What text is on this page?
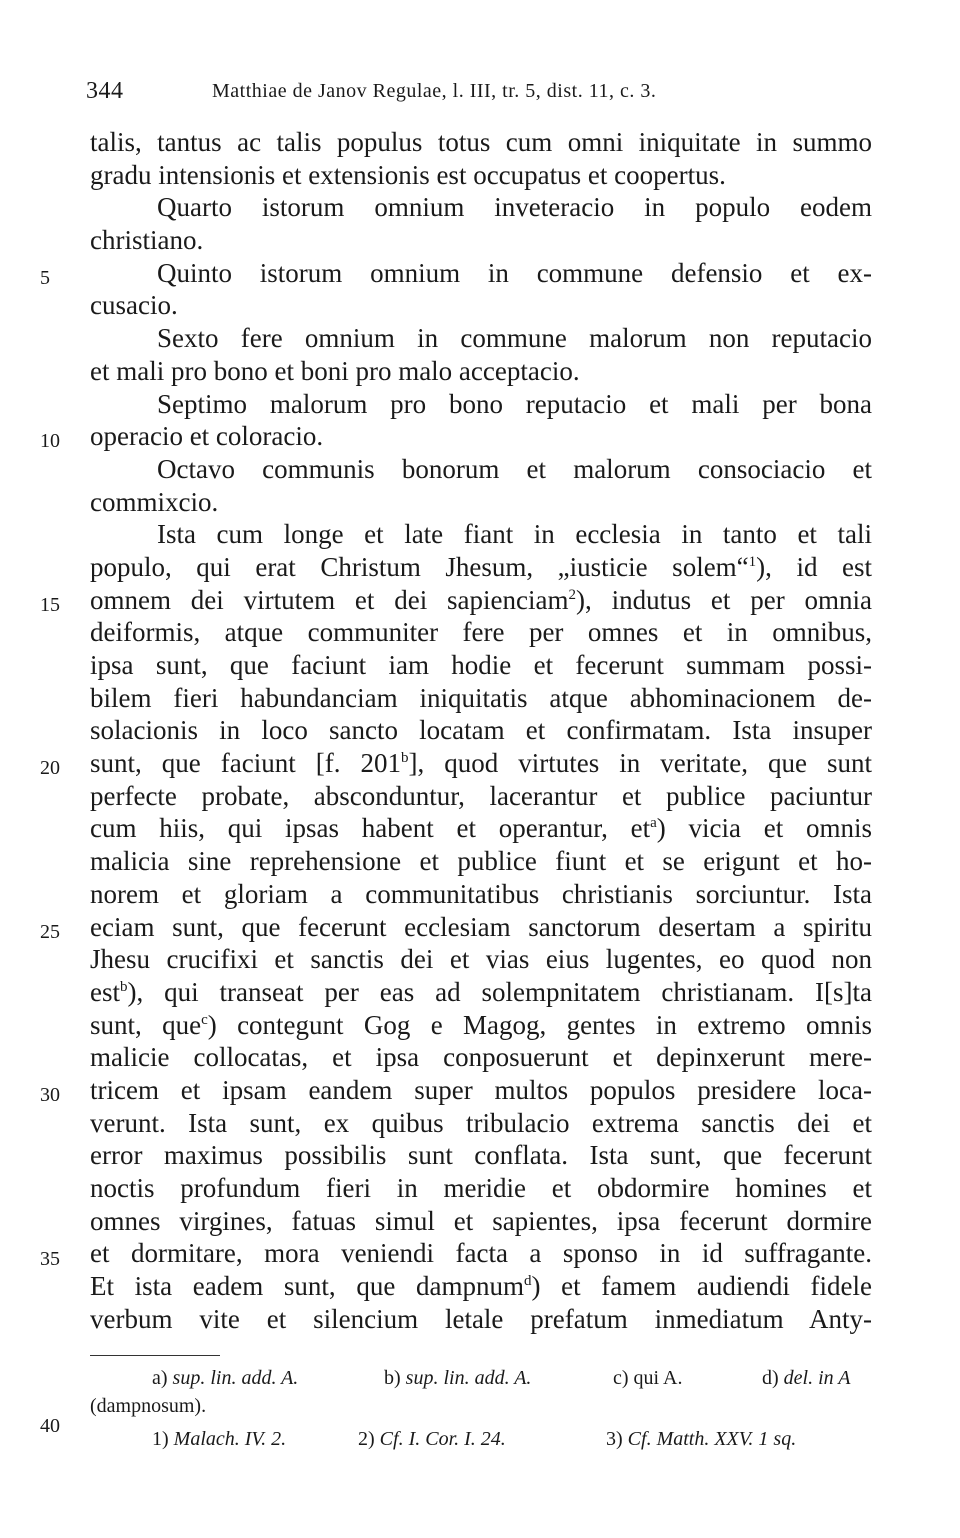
344	Matthiae de Janov Regulae, l. III, tr. 5, dist. 11, c. 3.
5
10
15
20
25
30
35
40
talis, tantus ac talis populus totus cum omni iniquitate in summo
gradu intensionis et extensionis est occupatus et coopertus.
Quarto istorum omnium inveteracio in populo eodem
christiano.
Quinto istorum omnium in commune defensio et ex-
cusacio.
Sexto fere omnium in commune malorum non reputacio
et mali pro bono et boni pro malo acceptacio.
Septimo malorum pro bono reputacio et mali per bona
operacio et coloracio.
Octavo communis bonorum et malorum consociacio et
commixcio.
Ista cum longe et late fiant in ecclesia in tanto et tali
populo, qui erat Christum Jhesum, „iusticie solem“$^1$), id est
omnem dei virtutem et dei sapienciam$^2$), indutus et per omnia
deiformis, atque communiter fere per omnes et in omnibus,
ipsa sunt, que faciunt iam hodie et fecerunt summam possi-
bilem fieri habundanciam iniquitatis atque abhominacionem de-
solacionis in loco sancto locatam et confirmatam. Ista insuper
sunt, que faciunt [f. 201$^b$], quod virtutes in veritate, que sunt
perfecte probate, absconduntur, lacerantur et publice paciuntur
cum hiis, qui ipsas habent et operantur, $et^a$) vicia et omnis
malicia sine reprehensione et publice fiunt et se erigunt et ho-
norem et gloriam a communitatibus christianis sorciuntur. Ista
eciam sunt, que fecerunt ecclesiam sanctorum desertam a spiritu
Jhesu crucifixi et sanctis dei et vias eius lugentes, eo quod non
est$^b$), qui transeat per eas ad solempnitatem christianam. I[s]ta
sunt, que$^c$) contegunt Gog e Magog, gentes in extremo omnis
malicie collocatas, et ipsa conposuerunt et depinxerunt mere-
tricem et ipsam eandem super multos populos presidere loca-
verunt. Ista sunt, ex quibus tribulacio extrema sanctis dei et
error maximus possibilis sunt conflata. Ista sunt, que fecerunt
noctis profundum fieri in meridie et obdormire homines et
omnes virgines, fatuas simul et sapientes, ipsa fecerunt dormire
et dormitare, mora veniendi facta a sponso in id suffragante.
Et ista eadem sunt, que dampnum$^d$) et famem audiendi fidele
verbum vite et silencium letale prefatum inmediatum Anty-
a) sup. lin. add. A.	b) sup. lin. add. A.	c) qui A.	d) del. in A
(dampnosum).
1) Malach. IV. 2.	2) Cf. I. Cor. I. 24.	3) Cf. Matth. XXV. 1 sq.
